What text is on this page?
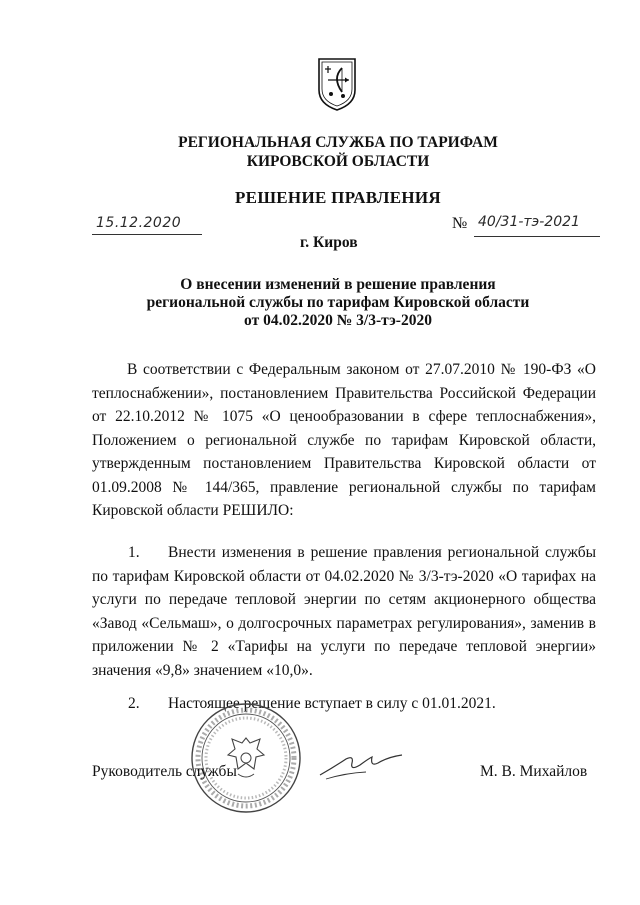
РЕГИОНАЛЬНАЯ СЛУЖБА ПО ТАРИФАМ
КИРОВСКОЙ ОБЛАСТИ
РЕШЕНИЕ ПРАВЛЕНИЯ
15.12.2020	№ 40/31-тэ-2021
г. Киров
О внесении изменений в решение правления
региональной службы по тарифам Кировской области
от 04.02.2020 № 3/3-тэ-2020
В соответствии с Федеральным законом от 27.07.2010 № 190-ФЗ «О теплоснабжении», постановлением Правительства Российской Федерации от 22.10.2012 № 1075 «О ценообразовании в сфере теплоснабжения», Положением о региональной службе по тарифам Кировской области, утвержденным постановлением Правительства Кировской области от 01.09.2008 № 144/365, правление региональной службы по тарифам Кировской области РЕШИЛО:
1. Внести изменения в решение правления региональной службы по тарифам Кировской области от 04.02.2020 № 3/3-тэ-2020 «О тарифах на услуги по передаче тепловой энергии по сетям акционерного общества «Завод «Сельмаш», о долгосрочных параметрах регулирования», заменив в приложении № 2 «Тарифы на услуги по передаче тепловой энергии» значения «9,8» значением «10,0».
2. Настоящее решение вступает в силу с 01.01.2021.
Руководитель службы	М. В. Михайлов
